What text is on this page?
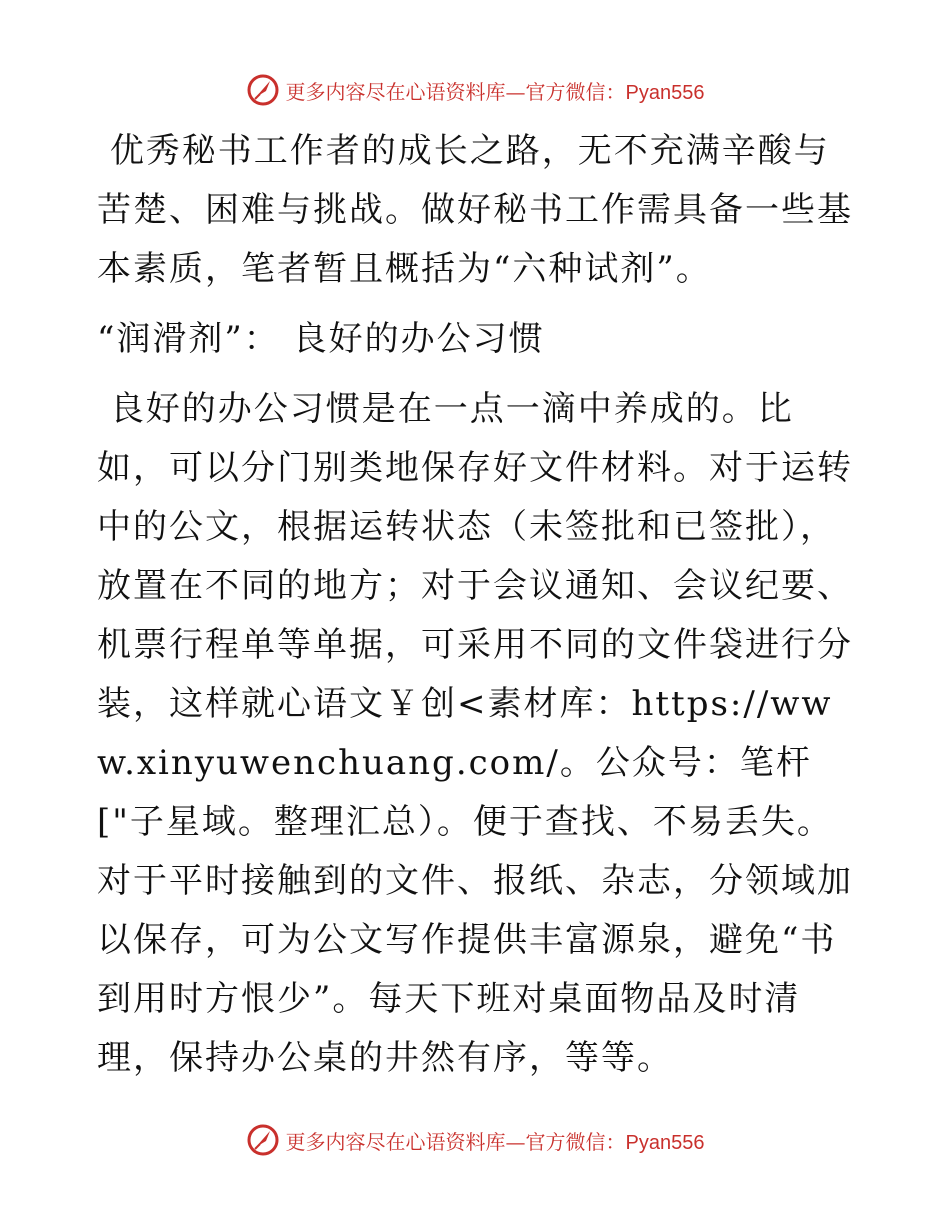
更多内容尽在心语资料库—官方微信：Pyan556

优秀秘书工作者的成长之路，无不充满辛酸与苦楚、困难与挑战。做好秘书工作需具备一些基本素质，笔者暂且概括为“六种试剂”。

“润滑剂”： 良好的办公习惯

良好的办公习惯是在一点一滴中养成的。比如，可以分门别类地保存好文件材料。对于运转中的公文，根据运转状态（未签批和已签批），放置在不同的地方；对于会议通知、会议纪要、机票行程单等单据，可采用不同的文件袋进行分装，这样就心语文￥创<素材库：https://www.xinyuwenchuang.com/。公众号：笔杆["子星域。整理汇总）。便于查找、不易丢失。对于平时接触到的文件、报纸、杂志，分领域加以保存，可为公文写作提供丰富源泉，避免“书到用时方恨少”。每天下班对桌面物品及时清理，保持办公桌的井然有序，等等。

更多内容尽在心语资料库—官方微信：Pyan556
